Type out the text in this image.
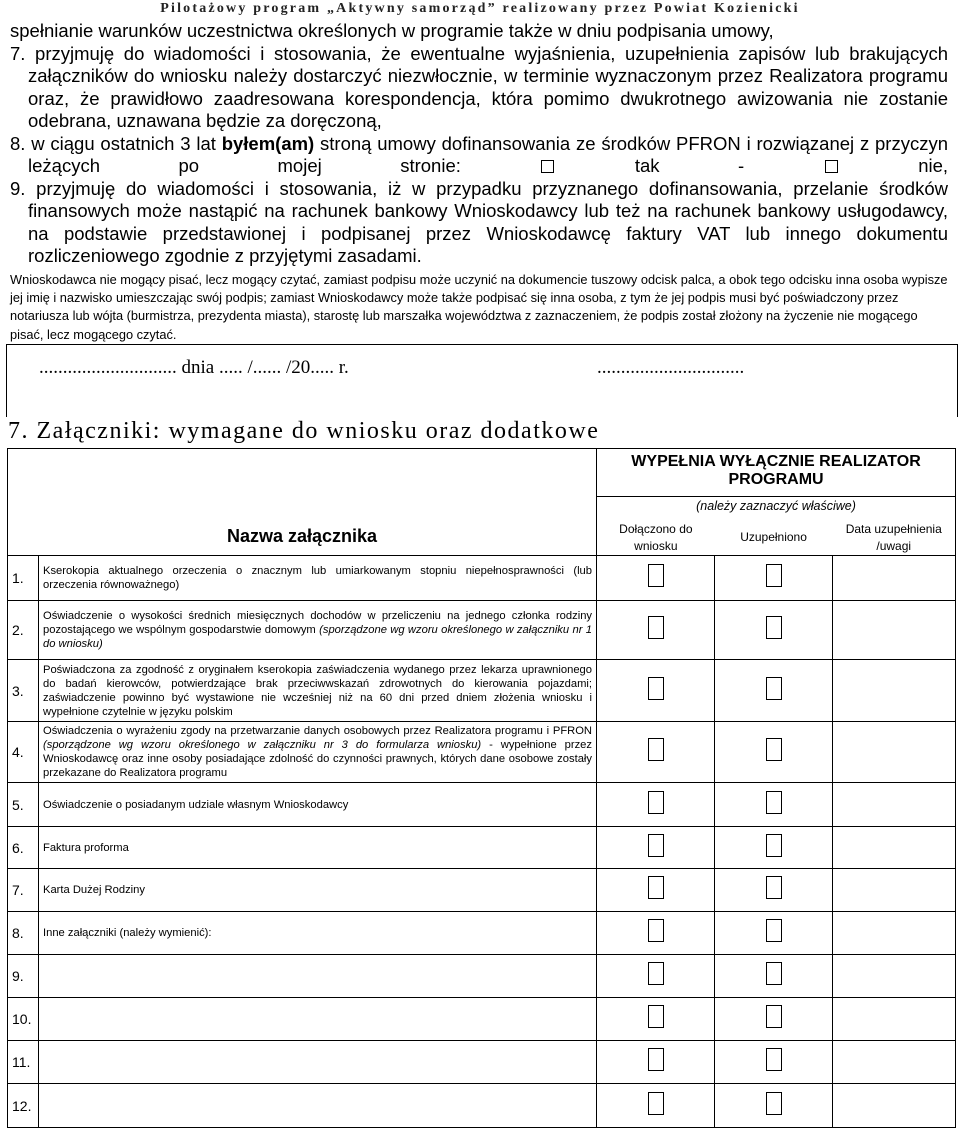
Pilotażowy program „Aktywny samorząd” realizowany przez Powiat Kozienicki

spełnianie warunków uczestnictwa określonych w programie także w dniu podpisania umowy,

7. przyjmuję do wiadomości i stosowania, że ewentualne wyjaśnienia, uzupełnienia zapisów lub brakujących załączników do wniosku należy dostarczyć niezwłocznie, w terminie wyznaczonym przez Realizatora programu oraz, że prawidłowo zaadresowana korespondencja, która pomimo dwukrotnego awizowania nie zostanie odebrana, uznawana będzie za doręczoną,

8. w ciągu ostatnich 3 lat byłem(am) stroną umowy dofinansowania ze środków PFRON i rozwiązanej z przyczyn leżących po mojej stronie:	tak -	nie,

9. przyjmuję do wiadomości i stosowania, iż w przypadku przyznanego dofinansowania, przelanie środków finansowych może nastąpić na rachunek bankowy Wnioskodawcy lub też na rachunek bankowy usługodawcy, na podstawie przedstawionej i podpisanej przez Wnioskodawcę faktury VAT lub innego dokumentu rozliczeniowego zgodnie z przyjętymi zasadami.

Wnioskodawca nie mogący pisać, lecz mogący czytać, zamiast podpisu może uczynić na dokumencie tuszowy odcisk palca, a obok tego odcisku inna osoba wypisze jej imię i nazwisko umieszczając swój podpis; zamiast Wnioskodawcy może także podpisać się inna osoba, z tym że jej podpis musi być poświadczony przez notariusza lub wójta (burmistrza, prezydenta miasta), starostę lub marszałka województwa z zaznaczeniem, że podpis został złożony na życzenie nie mogącego pisać, lecz mogącego czytać.
............................. dnia ..... /...... /20..... r.	...............................
7. Załączniki: wymagane do wniosku oraz dodatkowe
Nazwa załącznika		WYPEŁNIA WYŁĄCZNIE REALIZATOR PROGRAMU		

		(należy zaznaczyć właściwe)
Dołączono do wniosku
Uzupełniono
Data uzupełnienia /uwagi		

1.	Kserokopia aktualnego orzeczenia o znacznym lub umiarkowanym stopniu niepełnosprawności (lub orzeczenia równoważnego)			
2.	Oświadczenie o wysokości średnich miesięcznych dochodów w przeliczeniu na jednego członka rodziny pozostającego we wspólnym gospodarstwie domowym (sporządzone wg wzoru określonego w załączniku nr 1 do wniosku)			
3.	Poświadczona za zgodność z oryginałem kserokopia zaświadczenia wydanego przez lekarza uprawnionego do badań kierowców, potwierdzające brak przeciwwskazań zdrowotnych do kierowania pojazdami; zaświadczenie powinno być wystawione nie wcześniej niż na 60 dni przed dniem złożenia wniosku i wypełnione czytelnie w języku polskim			
4.	Oświadczenia o wyrażeniu zgody na przetwarzanie danych osobowych przez Realizatora programu i PFRON (sporządzone wg wzoru określonego w załączniku nr 3 do formularza wniosku) - wypełnione przez Wnioskodawcę oraz inne osoby posiadające zdolność do czynności prawnych, których dane osobowe zostały przekazane do Realizatora programu			
5.	Oświadczenie o posiadanym udziale własnym Wnioskodawcy			
6.	Faktura proforma			
7.	Karta Dużej Rodziny			
8.	Inne załączniki (należy wymienić):			
9.				
10.				
11.				
12.				
